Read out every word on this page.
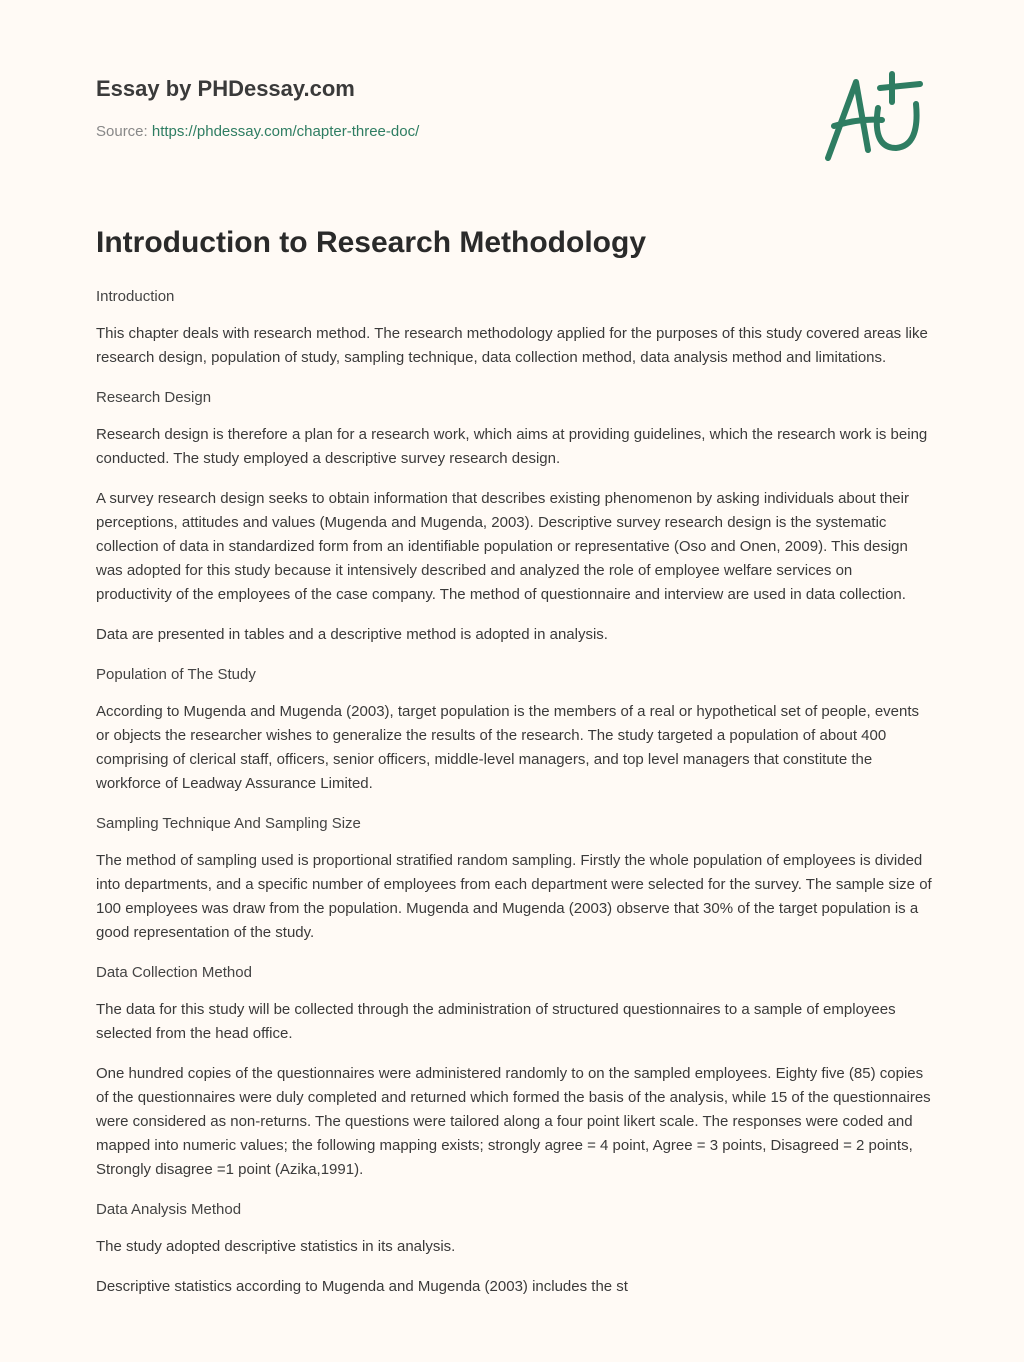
Essay by PHDessay.com
Source: https://phdessay.com/chapter-three-doc/
Introduction to Research Methodology

Introduction

This chapter deals with research method. The research methodology applied for the purposes of this study covered areas like research design, population of study, sampling technique, data collection method, data analysis method and limitations.

Research Design

Research design is therefore a plan for a research work, which aims at providing guidelines, which the research work is being conducted. The study employed a descriptive survey research design.

A survey research design seeks to obtain information that describes existing phenomenon by asking individuals about their perceptions, attitudes and values (Mugenda and Mugenda, 2003). Descriptive survey research design is the systematic collection of data in standardized form from an identifiable population or representative (Oso and Onen, 2009). This design was adopted for this study because it intensively described and analyzed the role of employee welfare services on productivity of the employees of the case company. The method of questionnaire and interview are used in data collection.

Data are presented in tables and a descriptive method is adopted in analysis.

Population of The Study

According to Mugenda and Mugenda (2003), target population is the members of a real or hypothetical set of people, events or objects the researcher wishes to generalize the results of the research. The study targeted a population of about 400 comprising of clerical staff, officers, senior officers, middle-level managers, and top level managers that constitute the workforce of Leadway Assurance Limited.

Sampling Technique And Sampling Size

The method of sampling used is proportional stratified random sampling. Firstly the whole population of employees is divided into departments, and a specific number of employees from each department were selected for the survey. The sample size of 100 employees was draw from the population. Mugenda and Mugenda (2003) observe that 30% of the target population is a good representation of the study.

Data Collection Method

The data for this study will be collected through the administration of structured questionnaires to a sample of employees selected from the head office.

One hundred copies of the questionnaires were administered randomly to on the sampled employees. Eighty five (85) copies of the questionnaires were duly completed and returned which formed the basis of the analysis, while 15 of the questionnaires were considered as non-returns. The questions were tailored along a four point likert scale. The responses were coded and mapped into numeric values; the following mapping exists; strongly agree = 4 point, Agree = 3 points, Disagreed = 2 points, Strongly disagree =1 point (Azika,1991).

Data Analysis Method

The study adopted descriptive statistics in its analysis.

Descriptive statistics according to Mugenda and Mugenda (2003) includes the st
